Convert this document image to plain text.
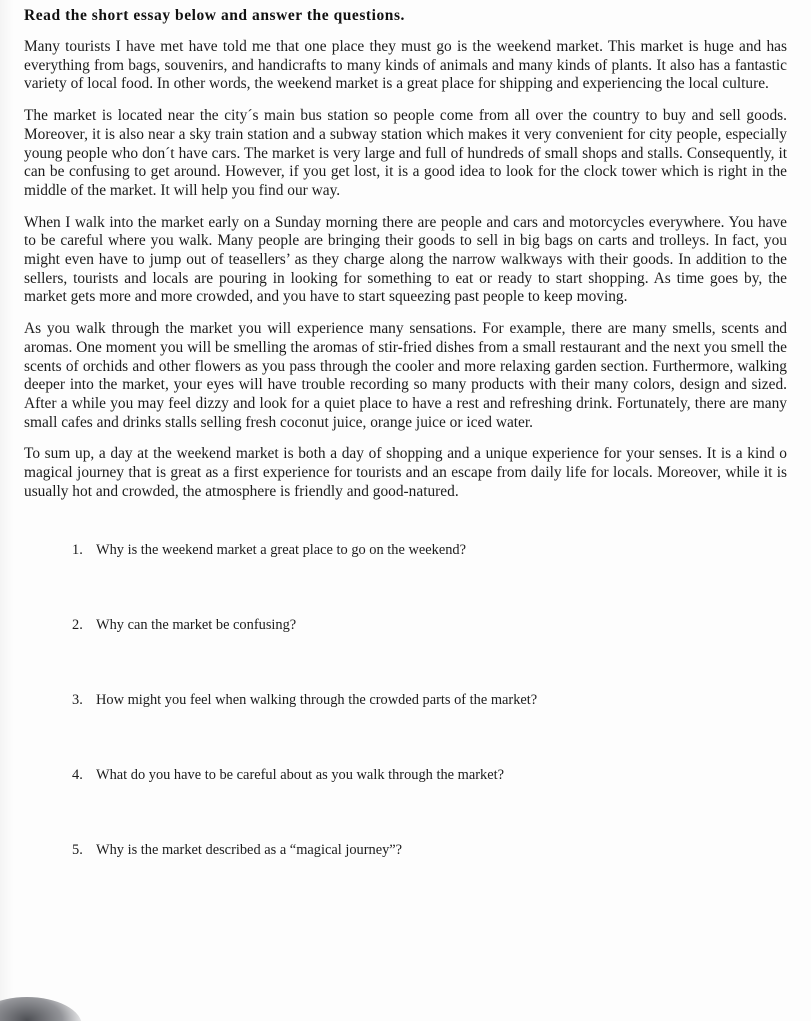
Read the short essay below and answer the questions.

Many tourists I have met have told me that one place they must go is the weekend market. This market is huge and has everything from bags, souvenirs, and handicrafts to many kinds of animals and many kinds of plants. It also has a fantastic variety of local food. In other words, the weekend market is a great place for shipping and experiencing the local culture.

The market is located near the city´s main bus station so people come from all over the country to buy and sell goods. Moreover, it is also near a sky train station and a subway station which makes it very convenient for city people, especially young people who don´t have cars. The market is very large and full of hundreds of small shops and stalls. Consequently, it can be confusing to get around. However, if you get lost, it is a good idea to look for the clock tower which is right in the middle of the market. It will help you find our way.

When I walk into the market early on a Sunday morning there are people and cars and motorcycles everywhere. You have to be careful where you walk. Many people are bringing their goods to sell in big bags on carts and trolleys. In fact, you might even have to jump out of teasellers’ as they charge along the narrow walkways with their goods. In addition to the sellers, tourists and locals are pouring in looking for something to eat or ready to start shopping. As time goes by, the market gets more and more crowded, and you have to start squeezing past people to keep moving.

As you walk through the market you will experience many sensations. For example, there are many smells, scents and aromas. One moment you will be smelling the aromas of stir-fried dishes from a small restaurant and the next you smell the scents of orchids and other flowers as you pass through the cooler and more relaxing garden section. Furthermore, walking deeper into the market, your eyes will have trouble recording so many products with their many colors, design and sized. After a while you may feel dizzy and look for a quiet place to have a rest and refreshing drink. Fortunately, there are many small cafes and drinks stalls selling fresh coconut juice, orange juice or iced water.

To sum up, a day at the weekend market is both a day of shopping and a unique experience for your senses. It is a kind o magical journey that is great as a first experience for tourists and an escape from daily life for locals. Moreover, while it is usually hot and crowded, the atmosphere is friendly and good-natured.

1. Why is the weekend market a great place to go on the weekend?
2. Why can the market be confusing?
3. How might you feel when walking through the crowded parts of the market?
4. What do you have to be careful about as you walk through the market?
5. Why is the market described as a “magical journey”?
